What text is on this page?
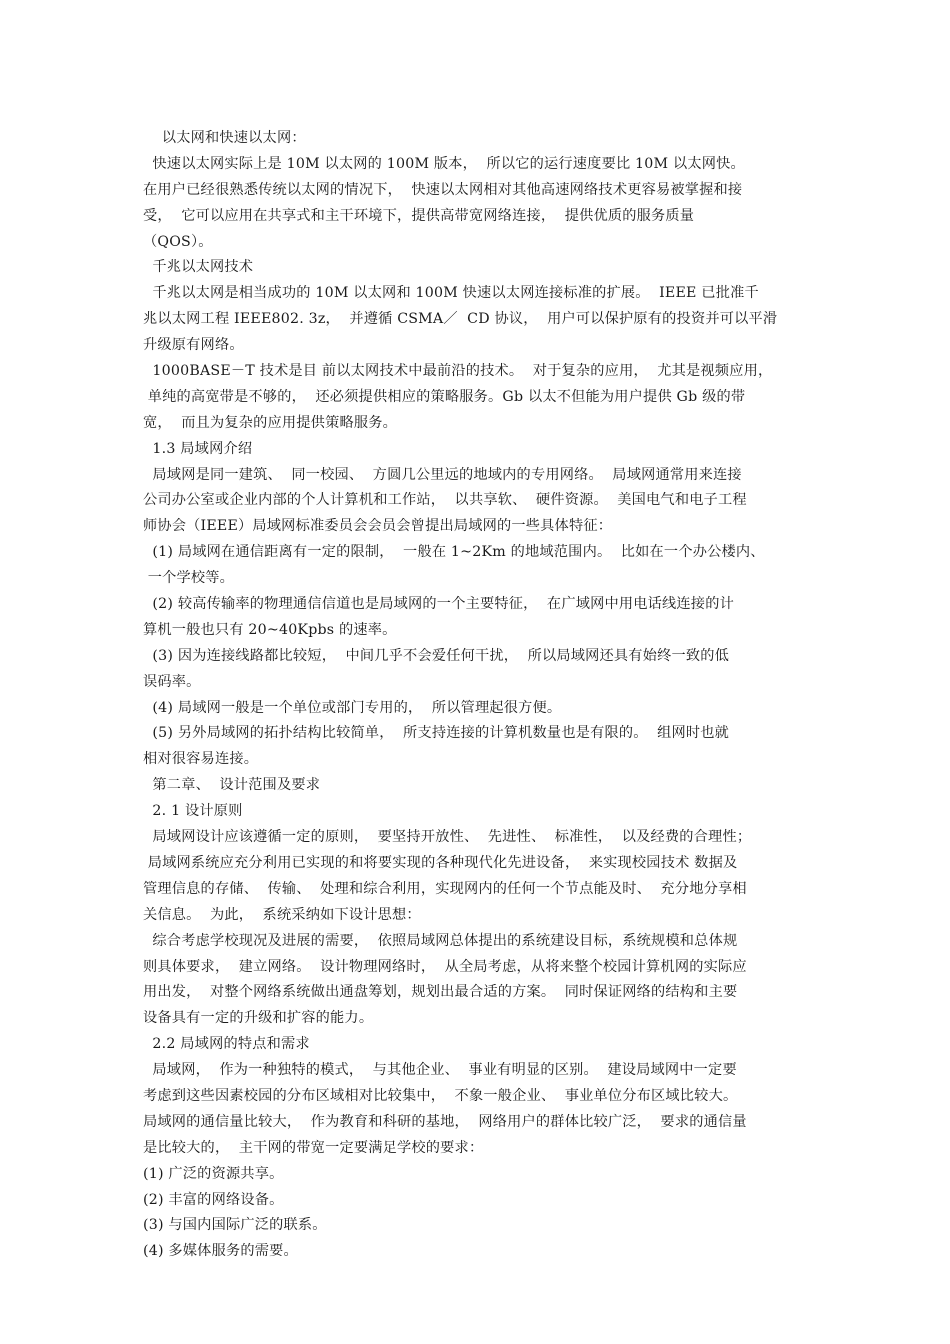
以太网和快速以太网：
快速以太网实际上是 10M 以太网的 100M 版本，  所以它的运行速度要比 10M 以太网快。
在用户已经很熟悉传统以太网的情况下，  快速以太网相对其他高速网络技术更容易被掌握和接
受，  它可以应用在共享式和主干环境下，提供高带宽网络连接，  提供优质的服务质量
（QOS）。
千兆以太网技术
千兆以太网是相当成功的 10M 以太网和 100M 快速以太网连接标准的扩展。  IEEE 已批准千
兆以太网工程 IEEE802. 3z，  并遵循 CSMA／  CD 协议，  用户可以保护原有的投资并可以平滑
升级原有网络。
1000BASE－T 技术是目 前以太网技术中最前沿的技术。  对于复杂的应用，  尤其是视频应用，
单纯的高宽带是不够的，  还必须提供相应的策略服务。Gb 以太不但能为用户提供 Gb 级的带
宽，  而且为复杂的应用提供策略服务。
1.3 局域网介绍
局域网是同一建筑、  同一校园、  方圆几公里远的地域内的专用网络。  局域网通常用来连接
公司办公室或企业内部的个人计算机和工作站，  以共享软、  硬件资源。  美国电气和电子工程
师协会（IEEE）局域网标准委员会会员会曾提出局域网的一些具体特征：
(1) 局域网在通信距离有一定的限制，  一般在 1~2Km 的地域范围内。  比如在一个办公楼内、
一个学校等。
(2) 较高传输率的物理通信信道也是局域网的一个主要特征，  在广域网中用电话线连接的计
算机一般也只有 20~40Kpbs 的速率。
(3) 因为连接线路都比较短，  中间几乎不会爱任何干扰，  所以局域网还具有始终一致的低
误码率。
(4) 局域网一般是一个单位或部门专用的，  所以管理起很方便。
(5) 另外局域网的拓扑结构比较简单，  所支持连接的计算机数量也是有限的。  组网时也就
相对很容易连接。
第二章、  设计范围及要求
2. 1 设计原则
局域网设计应该遵循一定的原则，  要坚持开放性、  先进性、  标准性，  以及经费的合理性；
局域网系统应充分利用已实现的和将要实现的各种现代化先进设备，  来实现校园技术 数据及
管理信息的存储、  传输、  处理和综合利用，实现网内的任何一个节点能及时、  充分地分享相
关信息。  为此，  系统采纳如下设计思想：
综合考虑学校现况及进展的需要，  依照局域网总体提出的系统建设目标，系统规模和总体规
则具体要求，  建立网络。  设计物理网络时，  从全局考虑，从将来整个校园计算机网的实际应
用出发，  对整个网络系统做出通盘筹划，规划出最合适的方案。  同时保证网络的结构和主要
设备具有一定的升级和扩容的能力。
2.2 局域网的特点和需求
局域网，  作为一种独特的模式，  与其他企业、  事业有明显的区别。  建设局域网中一定要
考虑到这些因素校园的分布区域相对比较集中，  不象一般企业、  事业单位分布区域比较大。
局域网的通信量比较大，  作为教育和科研的基地，  网络用户的群体比较广泛，  要求的通信量
是比较大的，  主干网的带宽一定要满足学校的要求：
(1) 广泛的资源共享。
(2) 丰富的网络设备。
(3) 与国内国际广泛的联系。
(4) 多媒体服务的需要。
